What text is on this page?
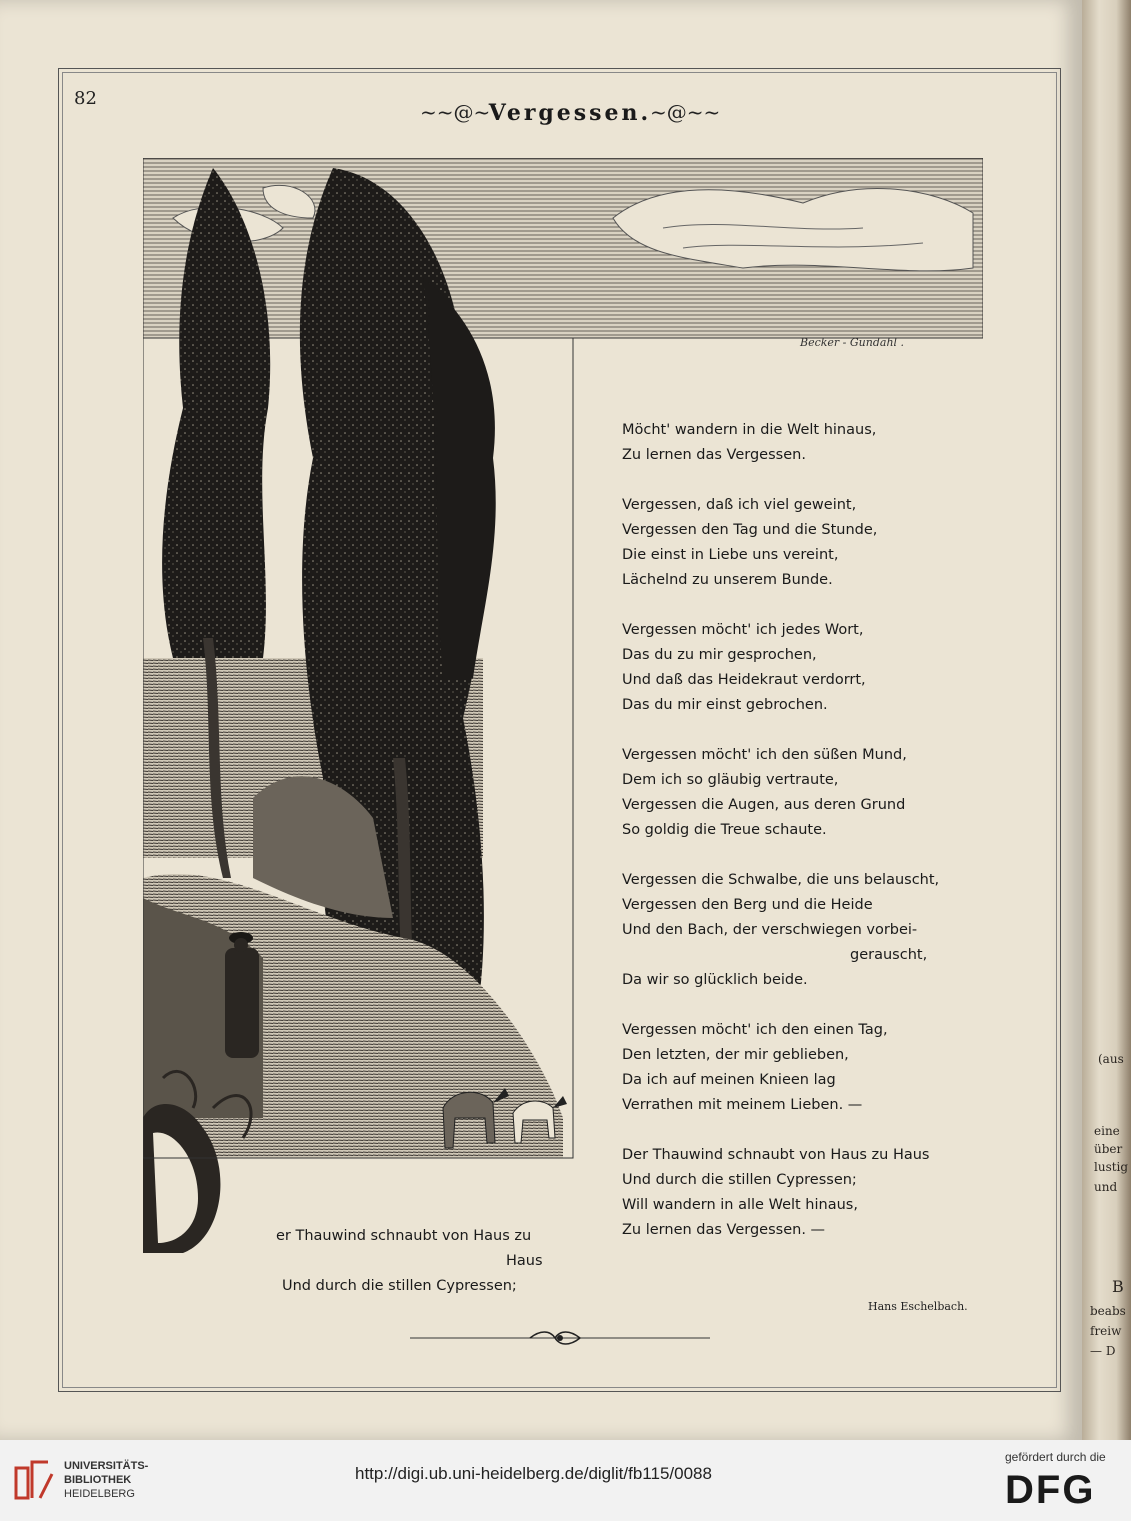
(aus
eine
über
lustig
und
B
beabs
freiw
— D
82
~~@~
Vergessen.
~@~~
Becker - Gundahl .
Möcht' wandern in die Welt hinaus,
Zu lernen das Vergessen.
Vergessen, daß ich viel geweint,
Vergessen den Tag und die Stunde,
Die einst in Liebe uns vereint,
Lächelnd zu unserem Bunde.
Vergessen möcht' ich jedes Wort,
Das du zu mir gesprochen,
Und daß das Heidekraut verdorrt,
Das du mir einst gebrochen.
Vergessen möcht' ich den süßen Mund,
Dem ich so gläubig vertraute,
Vergessen die Augen, aus deren Grund
So goldig die Treue schaute.
Vergessen die Schwalbe, die uns belauscht,
Vergessen den Berg und die Heide
Und den Bach, der verschwiegen vorbei-
gerauscht,
Da wir so glücklich beide.
Vergessen möcht' ich den einen Tag,
Den letzten, der mir geblieben,
Da ich auf meinen Knieen lag
Verrathen mit meinem Lieben. —
Der Thauwind schnaubt von Haus zu Haus
Und durch die stillen Cypressen;
Will wandern in alle Welt hinaus,
Zu lernen das Vergessen. —
er Thauwind schnaubt von Haus zu
Haus
Und durch die stillen Cypressen;
Hans Eschelbach.
UNIVERSITÄTS-
BIBLIOTHEK
HEIDELBERG
http://digi.ub.uni-heidelberg.de/diglit/fb115/0088
gefördert durch die
DFG
